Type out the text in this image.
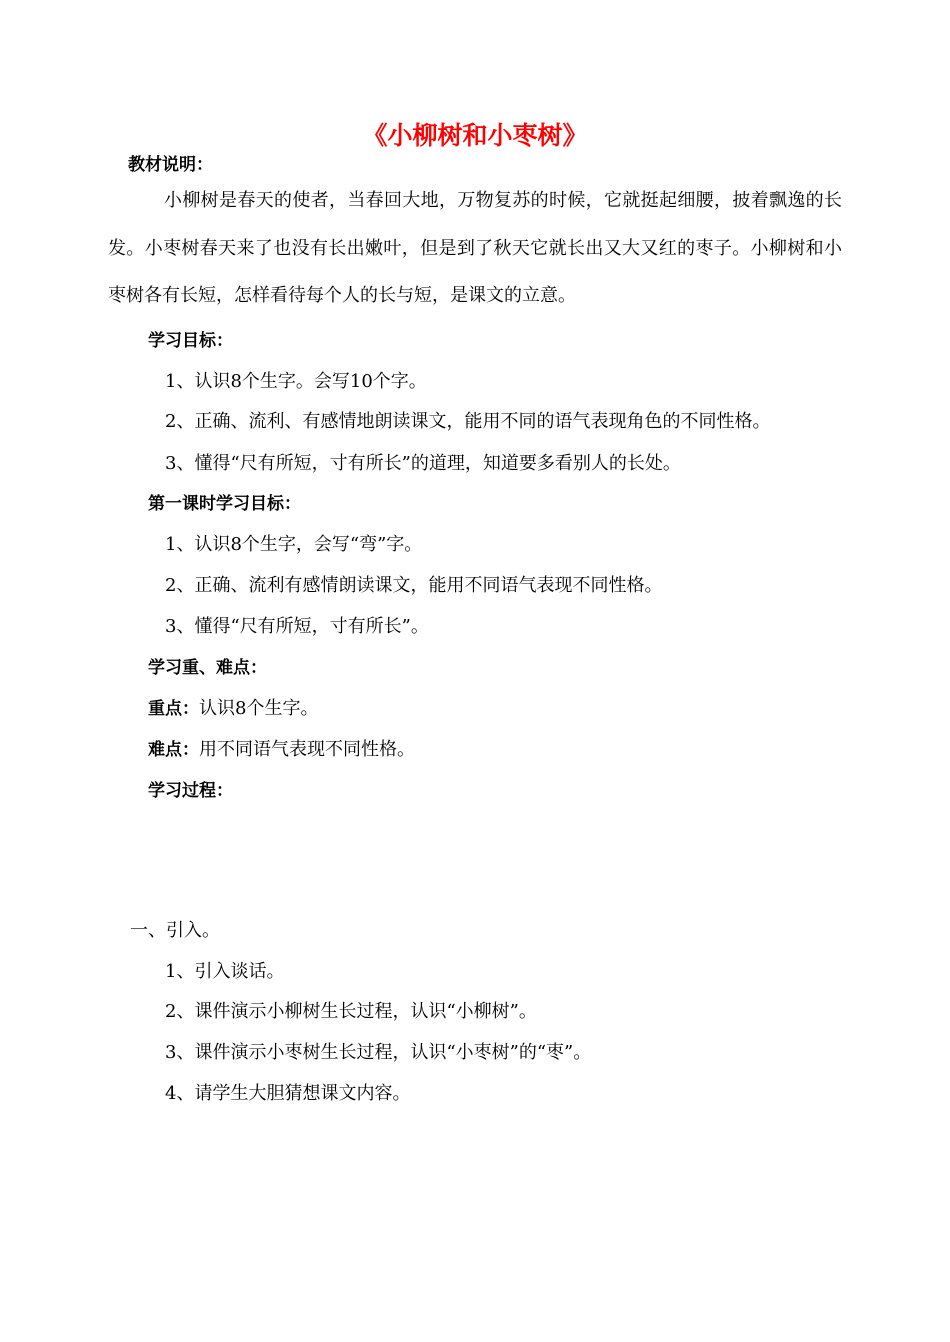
《小柳树和小枣树》
教材说明：
小柳树是春天的使者，当春回大地，万物复苏的时候，它就挺起细腰，披着飘逸的长发。小枣树春天来了也没有长出嫩叶，但是到了秋天它就长出又大又红的枣子。小柳树和小枣树各有长短，怎样看待每个人的长与短，是课文的立意。
学习目标：
1、认识8个生字。会写10个字。
2、正确、流利、有感情地朗读课文，能用不同的语气表现角色的不同性格。
3、懂得“尺有所短，寸有所长”的道理，知道要多看别人的长处。
第一课时学习目标：
1、认识8个生字，会写“弯”字。
2、正确、流利有感情朗读课文，能用不同语气表现不同性格。
3、懂得“尺有所短，寸有所长”。
学习重、难点：
重点：认识8个生字。
难点：用不同语气表现不同性格。
学习过程：
一、引入。
1、引入谈话。
2、课件演示小柳树生长过程，认识“小柳树”。
3、课件演示小枣树生长过程，认识“小枣树”的“枣”。
4、请学生大胆猜想课文内容。
